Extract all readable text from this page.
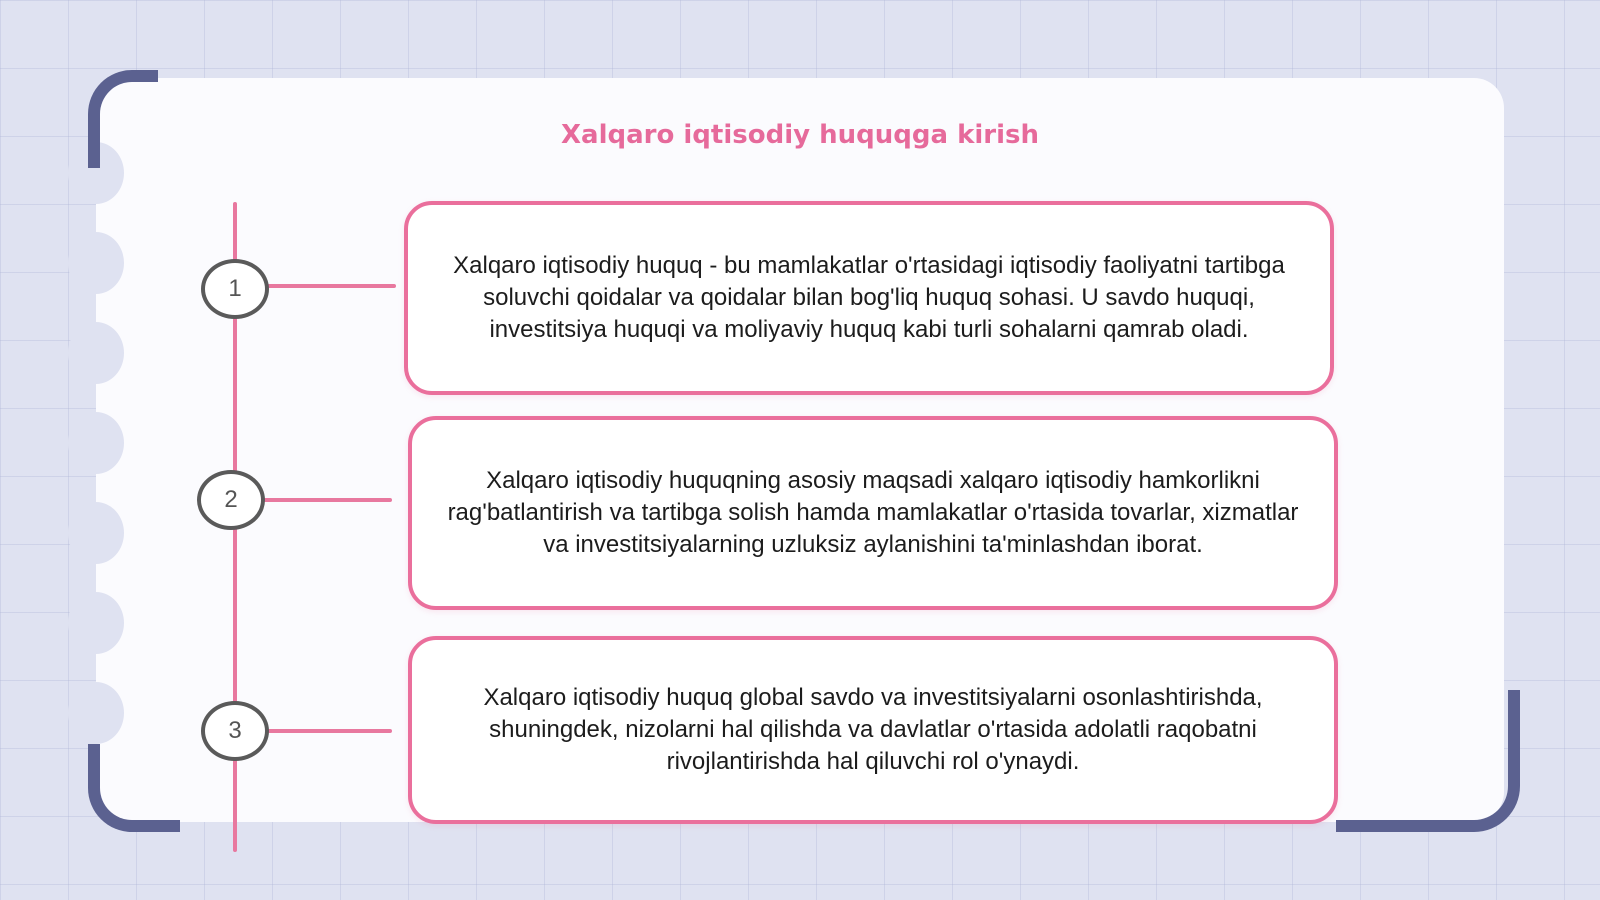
Xalqaro iqtisodiy huquqga kirish
1
2
3
Xalqaro iqtisodiy huquq - bu mamlakatlar o'rtasidagi iqtisodiy faoliyatni tartibga soluvchi qoidalar va qoidalar bilan bog'liq huquq sohasi. U savdo huquqi, investitsiya huquqi va moliyaviy huquq kabi turli sohalarni qamrab oladi.
Xalqaro iqtisodiy huquqning asosiy maqsadi xalqaro iqtisodiy hamkorlikni rag'batlantirish va tartibga solish hamda mamlakatlar o'rtasida tovarlar, xizmatlar va investitsiyalarning uzluksiz aylanishini ta'minlashdan iborat.
Xalqaro iqtisodiy huquq global savdo va investitsiyalarni osonlashtirishda, shuningdek, nizolarni hal qilishda va davlatlar o'rtasida adolatli raqobatni rivojlantirishda hal qiluvchi rol o'ynaydi.
